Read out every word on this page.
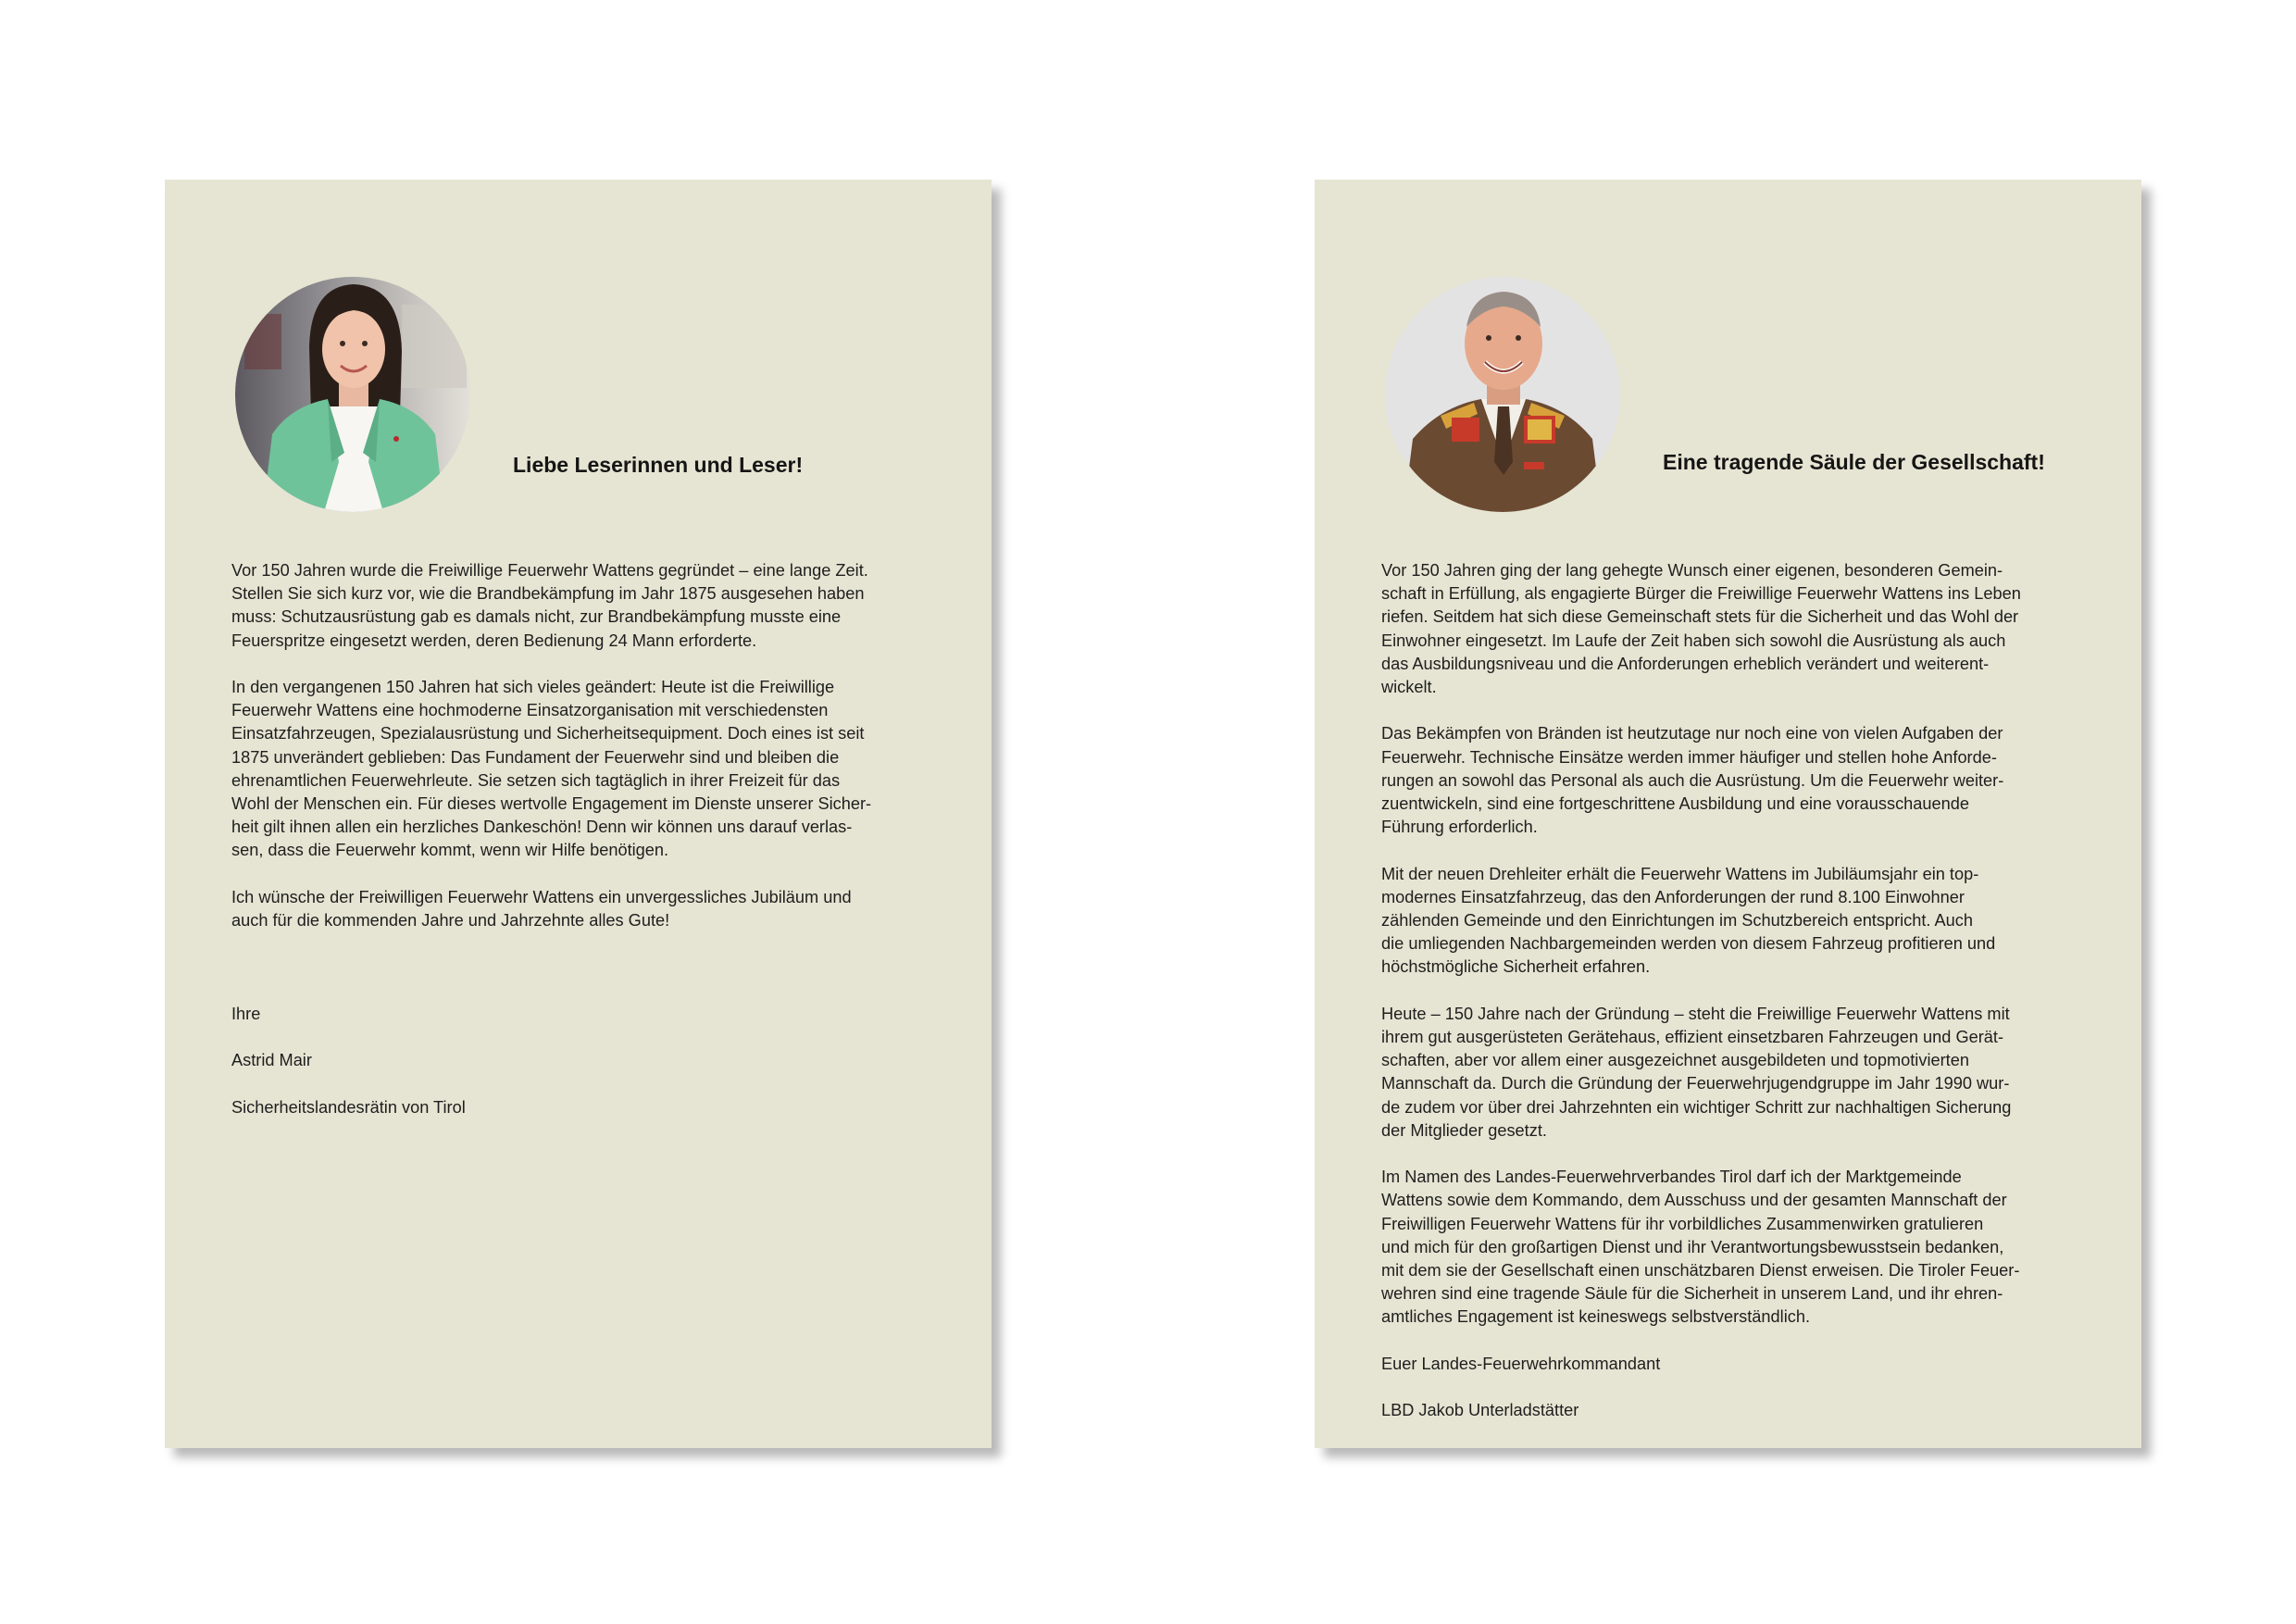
Liebe Leserinnen und Leser!

Vor 150 Jahren wurde die Freiwillige Feuerwehr Wattens gegründet – eine lange Zeit.
Stellen Sie sich kurz vor, wie die Brandbekämpfung im Jahr 1875 ausgesehen haben
muss: Schutzausrüstung gab es damals nicht, zur Brandbekämpfung musste eine
Feuerspritze eingesetzt werden, deren Bedienung 24 Mann erforderte.

In den vergangenen 150 Jahren hat sich vieles geändert: Heute ist die Freiwillige
Feuerwehr Wattens eine hochmoderne Einsatzorganisation mit verschiedensten
Einsatzfahrzeugen, Spezialausrüstung und Sicherheitsequipment. Doch eines ist seit
1875 unverändert geblieben: Das Fundament der Feuerwehr sind und bleiben die
ehrenamtlichen Feuerwehrleute. Sie setzen sich tagtäglich in ihrer Freizeit für das
Wohl der Menschen ein. Für dieses wertvolle Engagement im Dienste unserer Sicher-
heit gilt ihnen allen ein herzliches Dankeschön! Denn wir können uns darauf verlas-
sen, dass die Feuerwehr kommt, wenn wir Hilfe benötigen.

Ich wünsche der Freiwilligen Feuerwehr Wattens ein unvergessliches Jubiläum und
auch für die kommenden Jahre und Jahrzehnte alles Gute!

Ihre

Astrid Mair

Sicherheitslandesrätin von Tirol

Eine tragende Säule der Gesellschaft!

Vor 150 Jahren ging der lang gehegte Wunsch einer eigenen, besonderen Gemein-
schaft in Erfüllung, als engagierte Bürger die Freiwillige Feuerwehr Wattens ins Leben
riefen. Seitdem hat sich diese Gemeinschaft stets für die Sicherheit und das Wohl der
Einwohner eingesetzt. Im Laufe der Zeit haben sich sowohl die Ausrüstung als auch
das Ausbildungsniveau und die Anforderungen erheblich verändert und weiterent-
wickelt.

Das Bekämpfen von Bränden ist heutzutage nur noch eine von vielen Aufgaben der
Feuerwehr. Technische Einsätze werden immer häufiger und stellen hohe Anforde-
rungen an sowohl das Personal als auch die Ausrüstung. Um die Feuerwehr weiter-
zuentwickeln, sind eine fortgeschrittene Ausbildung und eine vorausschauende
Führung erforderlich.

Mit der neuen Drehleiter erhält die Feuerwehr Wattens im Jubiläumsjahr ein top-
modernes Einsatzfahrzeug, das den Anforderungen der rund 8.100 Einwohner
zählenden Gemeinde und den Einrichtungen im Schutzbereich entspricht. Auch
die umliegenden Nachbargemeinden werden von diesem Fahrzeug profitieren und
höchstmögliche Sicherheit erfahren.

Heute – 150 Jahre nach der Gründung – steht die Freiwillige Feuerwehr Wattens mit
ihrem gut ausgerüsteten Gerätehaus, effizient einsetzbaren Fahrzeugen und Gerät-
schaften, aber vor allem einer ausgezeichnet ausgebildeten und topmotivierten
Mannschaft da. Durch die Gründung der Feuerwehrjugendgruppe im Jahr 1990 wur-
de zudem vor über drei Jahrzehnten ein wichtiger Schritt zur nachhaltigen Sicherung
der Mitglieder gesetzt.

Im Namen des Landes-Feuerwehrverbandes Tirol darf ich der Marktgemeinde
Wattens sowie dem Kommando, dem Ausschuss und der gesamten Mannschaft der
Freiwilligen Feuerwehr Wattens für ihr vorbildliches Zusammenwirken gratulieren
und mich für den großartigen Dienst und ihr Verantwortungsbewusstsein bedanken,
mit dem sie der Gesellschaft einen unschätzbaren Dienst erweisen. Die Tiroler Feuer-
wehren sind eine tragende Säule für die Sicherheit in unserem Land, und ihr ehren-
amtliches Engagement ist keineswegs selbstverständlich.

Euer Landes-Feuerwehrkommandant

LBD Jakob Unterladstätter
